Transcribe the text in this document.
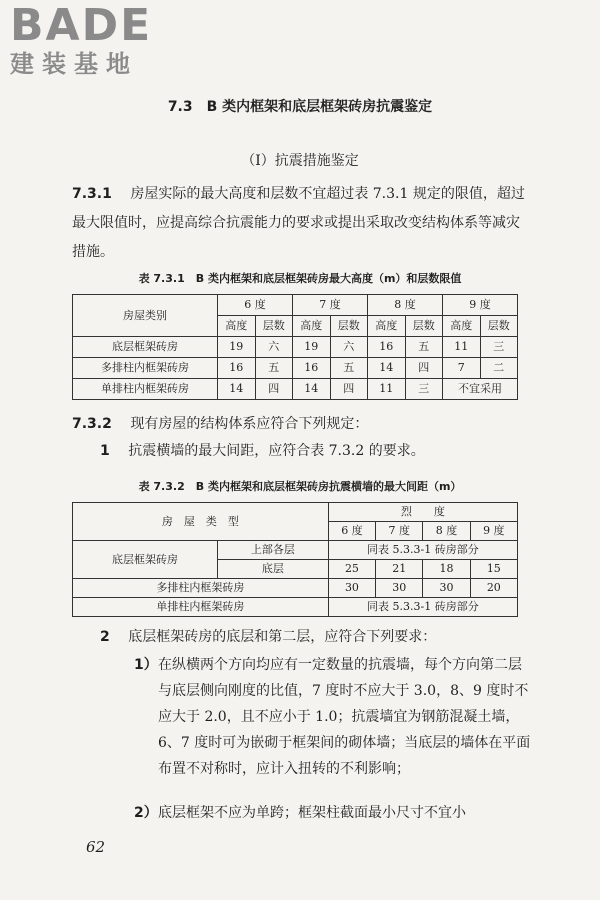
BADE
建装基地
7.3　B 类内框架和底层框架砖房抗震鉴定
（Ⅰ）抗震措施鉴定
7.3.1 　 房屋实际的最大高度和层数不宜超过表 7.3.1 规定的限值，超过最大限值时，应提高综合抗震能力的要求或提出采取改变结构体系等减灾措施。
表 7.3.1　B 类内框架和底层框架砖房最大高度（m）和层数限值
房屋类别	6 度		7 度		8 度		9 度	
	高度	层数	高度	层数	高度	层数	高度	层数
底层框架砖房	19	六	19	六	16	五	11	三
多排柱内框架砖房	16	五	16	五	14	四	7	二
单排柱内框架砖房	14	四	14	四	11	三	不宜采用	
7.3.2 　 现有房屋的结构体系应符合下列规定：
1 　 抗震横墙的最大间距，应符合表 7.3.2 的要求。
表 7.3.2　B 类内框架和底层框架砖房抗震横墙的最大间距（m）
房　屋　类　型		烈　　度			
		6 度	7 度	8 度	9 度
底层框架砖房	上部各层	同表 5.3.3-1 砖房部分			
	底层	25	21	18	15
多排柱内框架砖房		30	30	30	20
单排柱内框架砖房		同表 5.3.3-1 砖房部分			
2 　 底层框架砖房的底层和第二层，应符合下列要求：
1） 在纵横两个方向均应有一定数量的抗震墙，每个方向第二层与底层侧向刚度的比值，7 度时不应大于 3.0，8、9 度时不应大于 2.0，且不应小于 1.0；抗震墙宜为钢筋混凝土墙，6、7 度时可为嵌砌于框架间的砌体墙；当底层的墙体在平面布置不对称时，应计入扭转的不利影响；
2） 底层框架不应为单跨；框架柱截面最小尺寸不宜小
62
